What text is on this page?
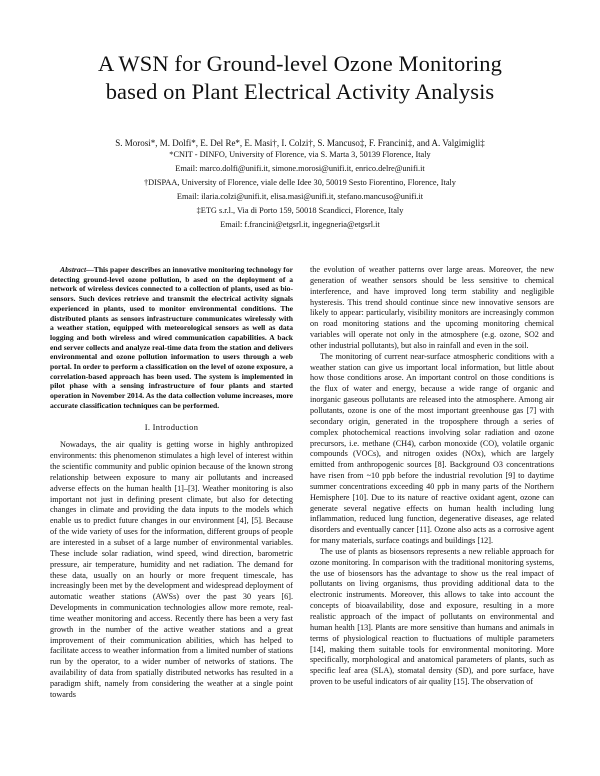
A WSN for Ground-level Ozone Monitoring
based on Plant Electrical Activity Analysis
S. Morosi*, M. Dolfi*, E. Del Re*, E. Masi†, I. Colzi†, S. Mancuso‡, F. Francini‡, and A. Valgimigli‡
*CNIT - DINFO, University of Florence, via S. Marta 3, 50139 Florence, Italy
Email: marco.dolfi@unifi.it, simone.morosi@unifi.it, enrico.delre@unifi.it
†DISPAA, University of Florence, viale delle Idee 30, 50019 Sesto Fiorentino, Florence, Italy
Email: ilaria.colzi@unifi.it, elisa.masi@unifi.it, stefano.mancuso@unifi.it
‡ETG s.r.l., Via di Porto 159, 50018 Scandicci, Florence, Italy
Email: f.francini@etgsrl.it, ingegneria@etgsrl.it

Abstract—This paper describes an innovative monitoring technology for detecting ground-level ozone pollution, b ased on the deployment of a network of wireless devices connected to a collection of plants, used as bio-sensors. Such devices retrieve and transmit the electrical activity signals experienced in plants, used to monitor environmental conditions. The distributed plants as sensors infrastructure communicates wirelessly with a weather station, equipped with meteorological sensors as well as data logging and both wireless and wired communication capabilities. A back end server collects and analyze real-time data from the station and delivers environmental and ozone pollution information to users through a web portal. In order to perform a classification on the level of ozone exposure, a correlation-based approach has been used. The system is implemented in pilot phase with a sensing infrastructure of four plants and started operation in November 2014. As the data collection volume increases, more accurate classification techniques can be performed.

I. Introduction

Nowadays, the air quality is getting worse in highly anthropized environments: this phenomenon stimulates a high level of interest within the scientific community and public opinion because of the known strong relationship between exposure to many air pollutants and increased adverse effects on the human health [1]–[3]. Weather monitoring is also important not just in defining present climate, but also for detecting changes in climate and providing the data inputs to the models which enable us to predict future changes in our environment [4], [5]. Because of the wide variety of uses for the information, different groups of people are interested in a subset of a large number of environmental variables. These include solar radiation, wind speed, wind direction, barometric pressure, air temperature, humidity and net radiation. The demand for these data, usually on an hourly or more frequent timescale, has increasingly been met by the development and widespread deployment of automatic weather stations (AWSs) over the past 30 years [6]. Developments in communication technologies allow more remote, real-time weather monitoring and access. Recently there has been a very fast growth in the number of the active weather stations and a great improvement of their communication abilities, which has helped to facilitate access to weather information from a limited number of stations run by the operator, to a wider number of networks of stations. The availability of data from spatially distributed networks has resulted in a paradigm shift, namely from considering the weather at a single point towards

the evolution of weather patterns over large areas. Moreover, the new generation of weather sensors should be less sensitive to chemical interference, and have improved long term stability and negligible hysteresis. This trend should continue since new innovative sensors are likely to appear: particularly, visibility monitors are increasingly common on road monitoring stations and the upcoming monitoring chemical variables will operate not only in the atmosphere (e.g. ozone, SO2 and other industrial pollutants), but also in rainfall and even in the soil.

The monitoring of current near-surface atmospheric conditions with a weather station can give us important local information, but little about how those conditions arose. An important control on those conditions is the flux of water and energy, because a wide range of organic and inorganic gaseous pollutants are released into the atmosphere. Among air pollutants, ozone is one of the most important greenhouse gas [7] with secondary origin, generated in the troposphere through a series of complex photochemical reactions involving solar radiation and ozone precursors, i.e. methane (CH4), carbon monoxide (CO), volatile organic compounds (VOCs), and nitrogen oxides (NOx), which are largely emitted from anthropogenic sources [8]. Background O3 concentrations have risen from ~10 ppb before the industrial revolution [9] to daytime summer concentrations exceeding 40 ppb in many parts of the Northern Hemisphere [10]. Due to its nature of reactive oxidant agent, ozone can generate several negative effects on human health including lung inflammation, reduced lung function, degenerative diseases, age related disorders and eventually cancer [11]. Ozone also acts as a corrosive agent for many materials, surface coatings and buildings [12].

The use of plants as biosensors represents a new reliable approach for ozone monitoring. In comparison with the traditional monitoring systems, the use of biosensors has the advantage to show us the real impact of pollutants on living organisms, thus providing additional data to the electronic instruments. Moreover, this allows to take into account the concepts of bioavailability, dose and exposure, resulting in a more realistic approach of the impact of pollutants on environmental and human health [13]. Plants are more sensitive than humans and animals in terms of physiological reaction to fluctuations of multiple parameters [14], making them suitable tools for environmental monitoring. More specifically, morphological and anatomical parameters of plants, such as specific leaf area (SLA), stomatal density (SD), and pore surface, have proven to be useful indicators of air quality [15]. The observation of
